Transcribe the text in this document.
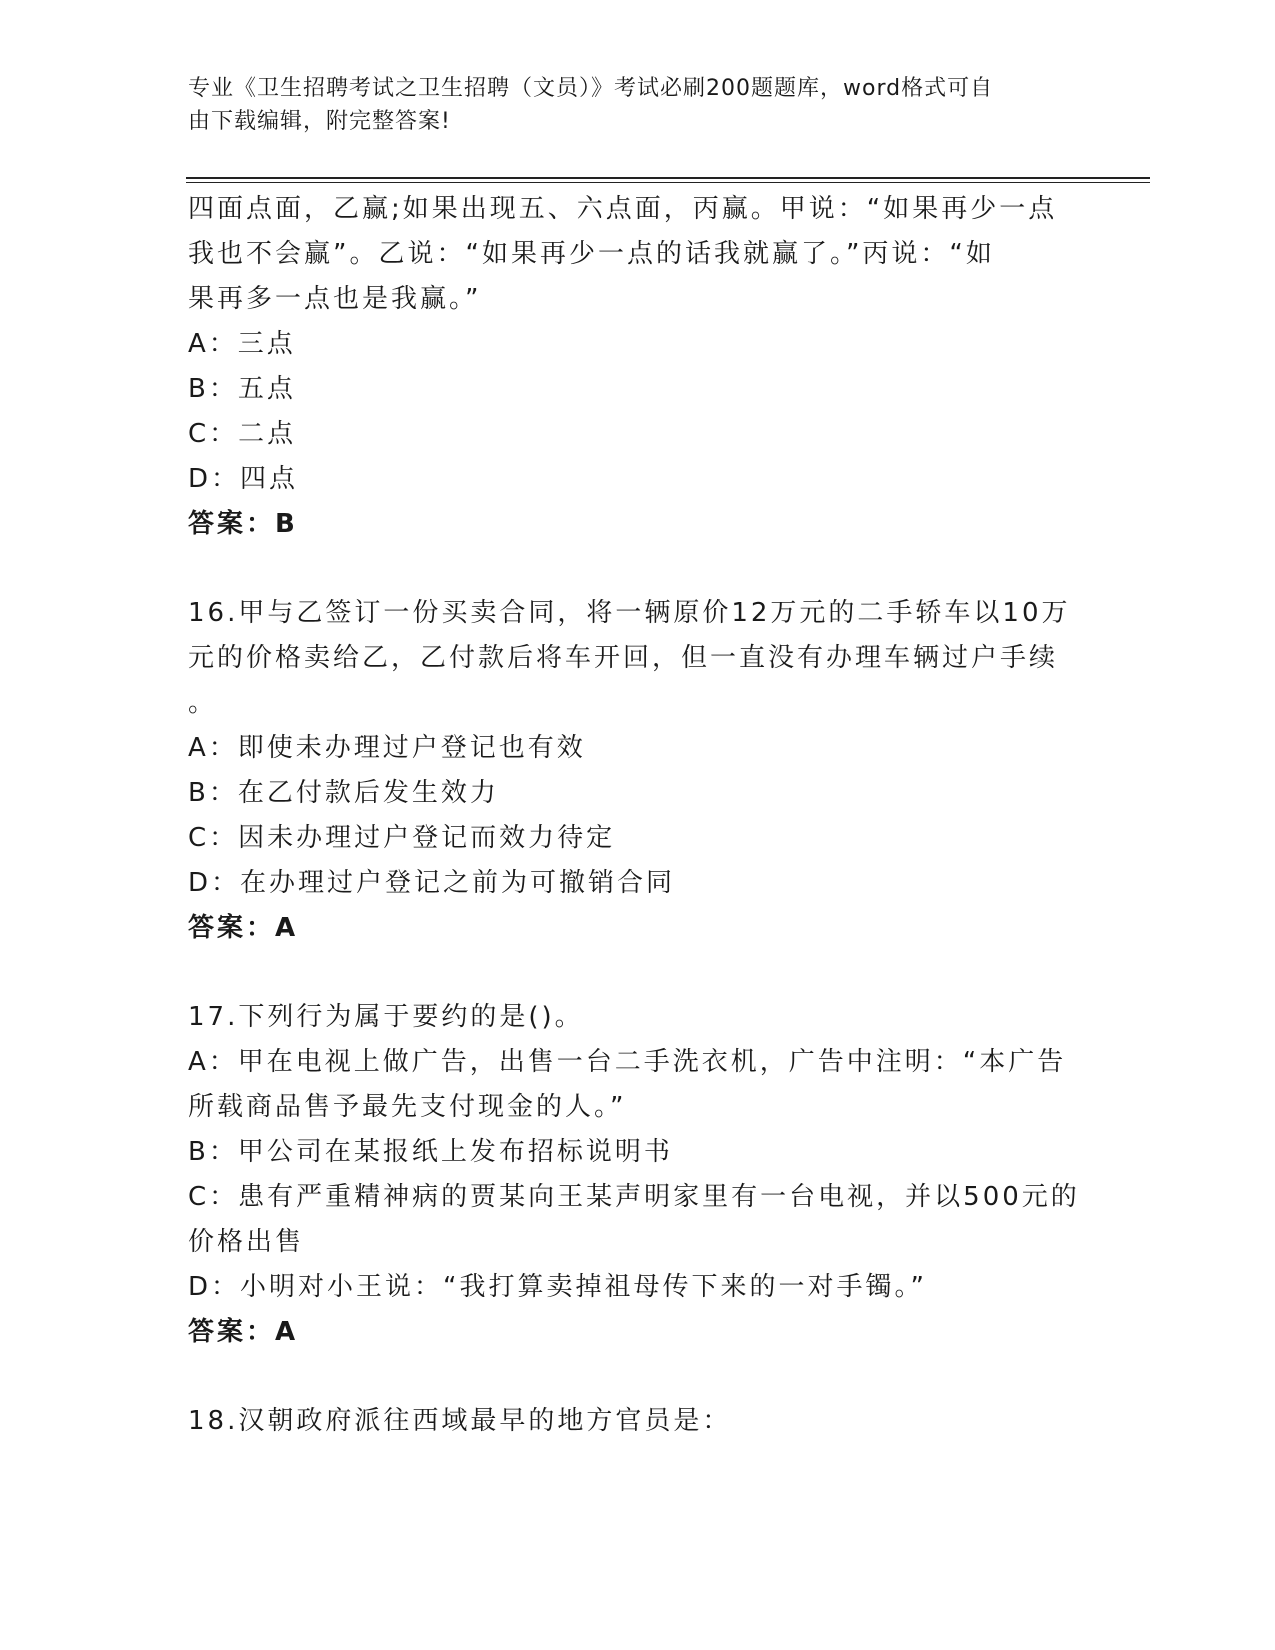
专业《卫生招聘考试之卫生招聘（文员）》考试必刷200题题库，word格式可自
由下载编辑，附完整答案!
四面点面，乙赢;如果出现五、六点面，丙赢。甲说：“如果再少一点
我也不会赢”。乙说：“如果再少一点的话我就赢了。”丙说：“如
果再多一点也是我赢。”
A：三点
B：五点
C：二点
D：四点
答案：B
16.甲与乙签订一份买卖合同，将一辆原价12万元的二手轿车以10万
元的价格卖给乙，乙付款后将车开回，但一直没有办理车辆过户手续
。
A：即使未办理过户登记也有效
B：在乙付款后发生效力
C：因未办理过户登记而效力待定
D：在办理过户登记之前为可撤销合同
答案：A
17.下列行为属于要约的是()。
A：甲在电视上做广告，出售一台二手洗衣机，广告中注明：“本广告
所载商品售予最先支付现金的人。”
B：甲公司在某报纸上发布招标说明书
C：患有严重精神病的贾某向王某声明家里有一台电视，并以500元的
价格出售
D：小明对小王说：“我打算卖掉祖母传下来的一对手镯。”
答案：A
18.汉朝政府派往西域最早的地方官员是：
